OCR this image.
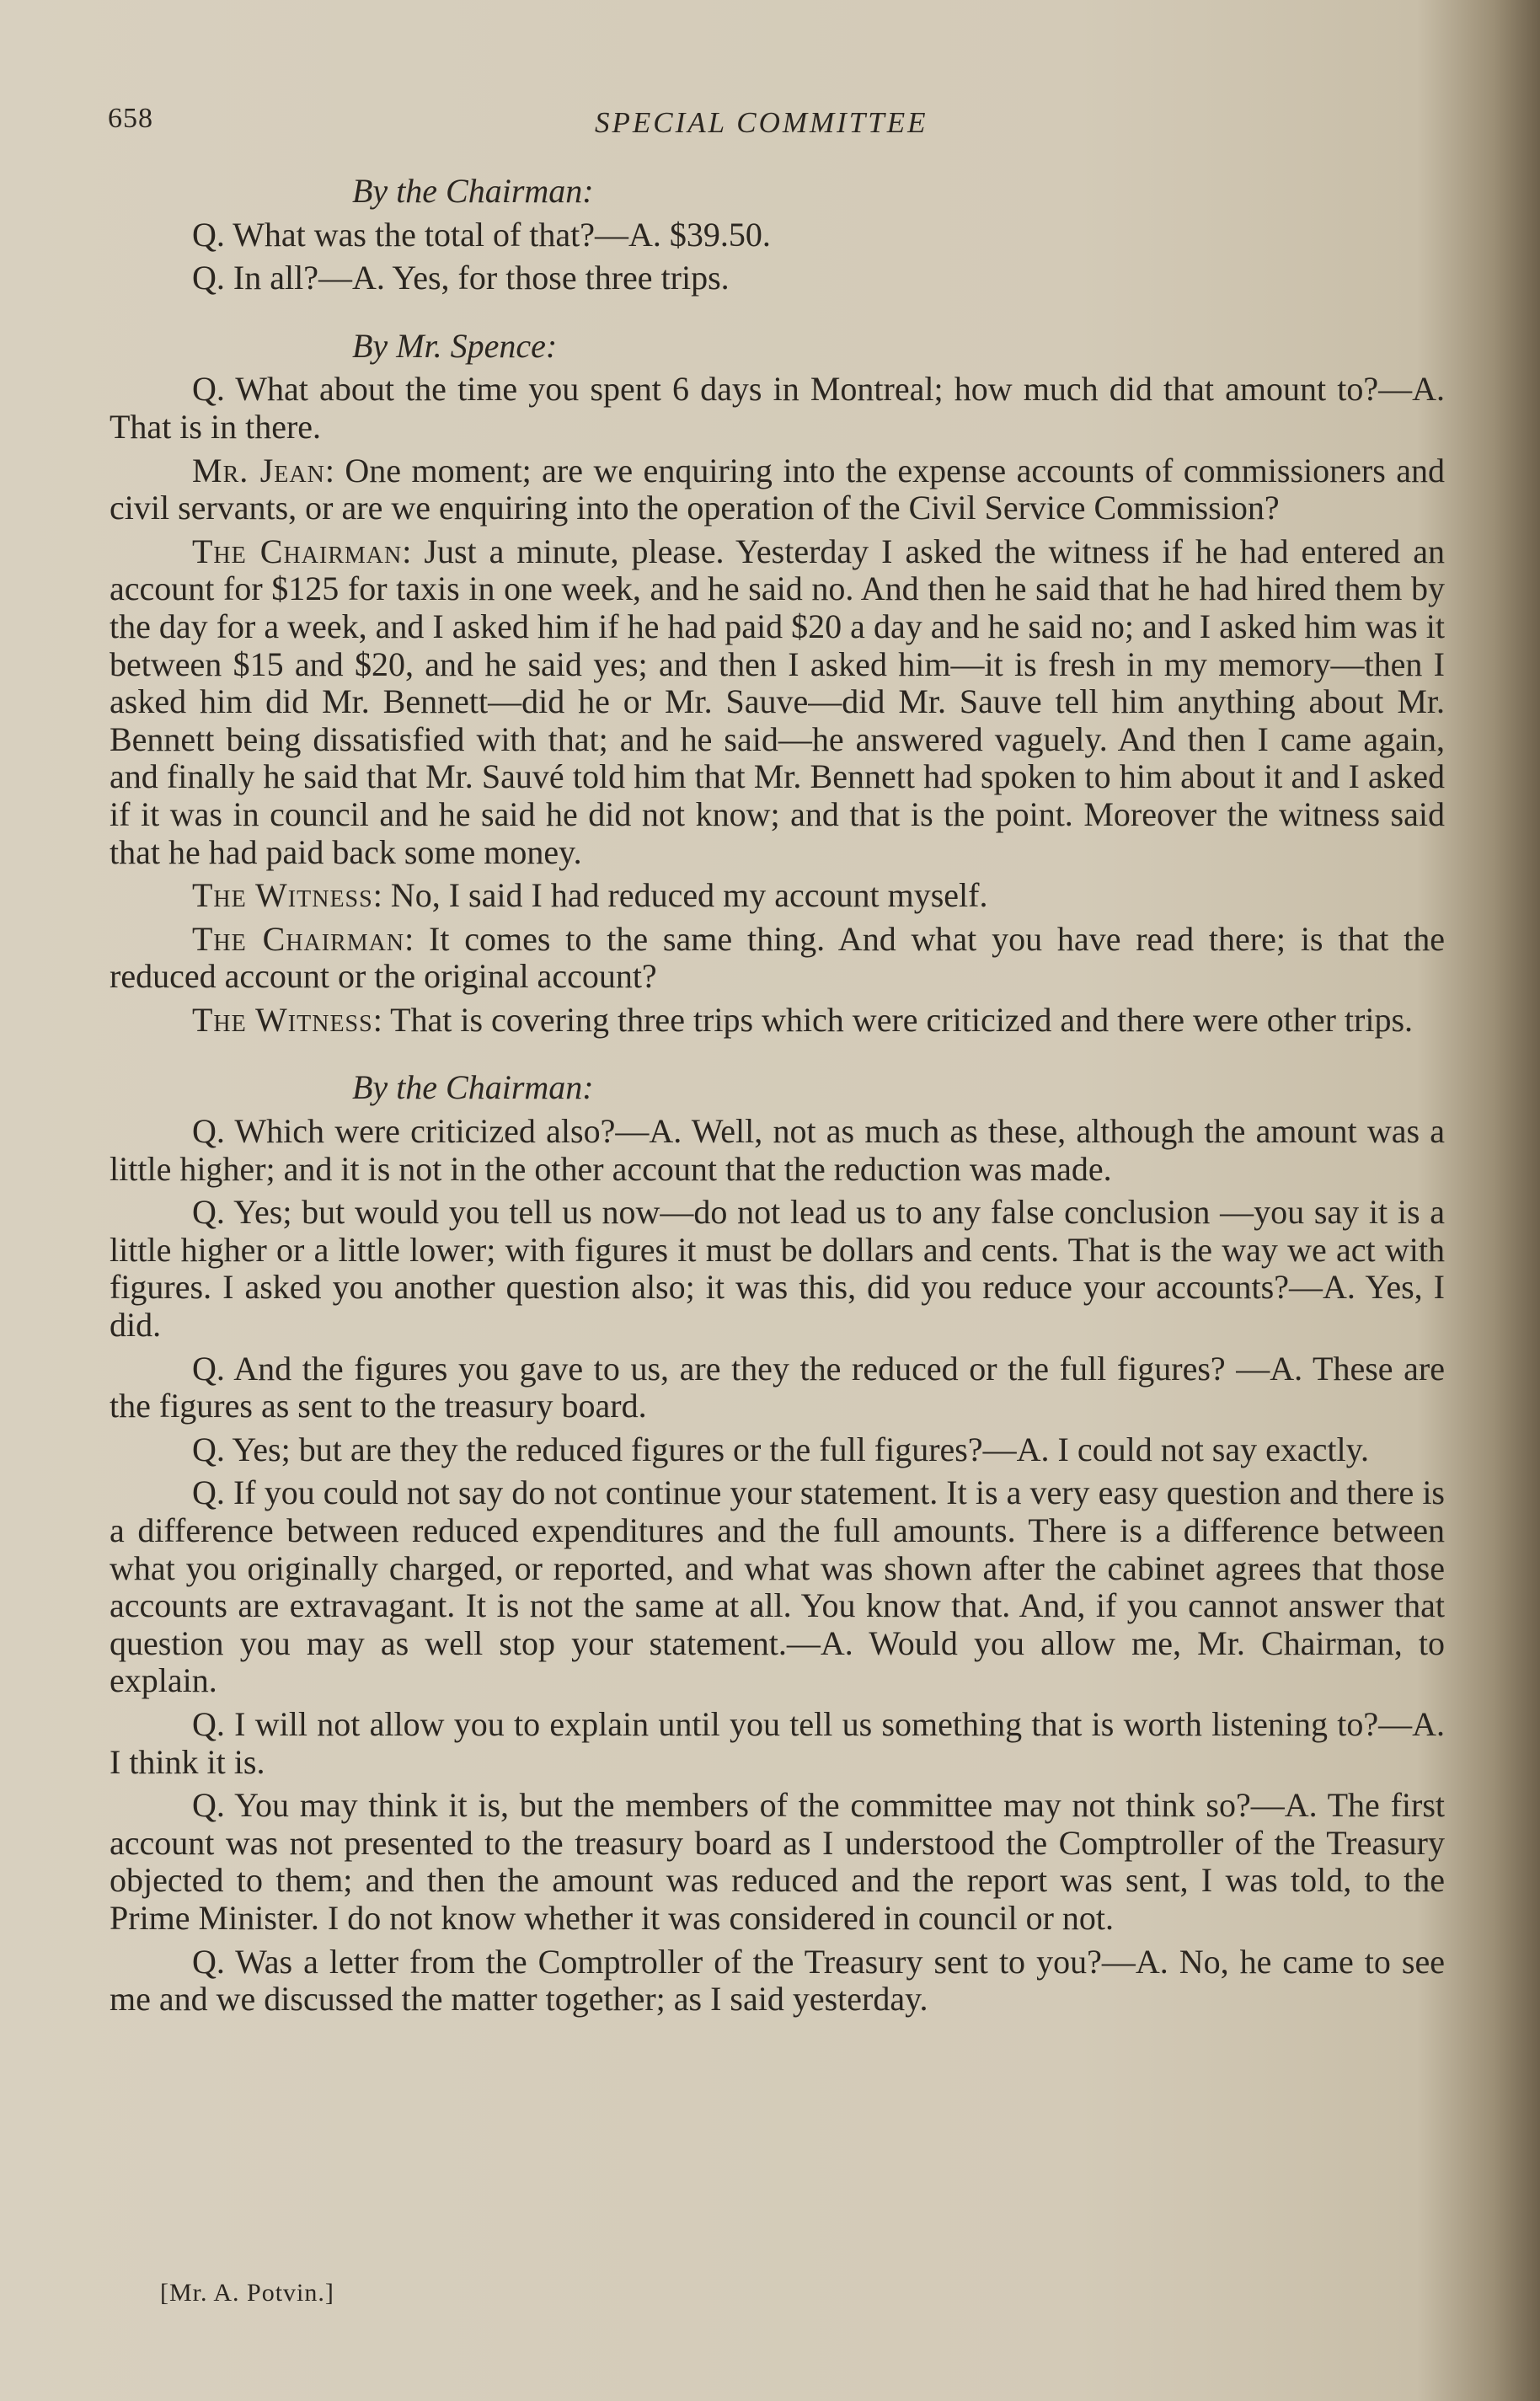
658	SPECIAL COMMITTEE

By the Chairman:

Q. What was the total of that?—A. $39.50.

Q. In all?—A. Yes, for those three trips.

By Mr. Spence:

Q. What about the time you spent 6 days in Montreal; how much did that amount to?—A. That is in there.

Mr. Jean: One moment; are we enquiring into the expense accounts of commissioners and civil servants, or are we enquiring into the operation of the Civil Service Commission?

The Chairman: Just a minute, please. Yesterday I asked the witness if he had entered an account for $125 for taxis in one week, and he said no. And then he said that he had hired them by the day for a week, and I asked him if he had paid $20 a day and he said no; and I asked him was it between $15 and $20, and he said yes; and then I asked him—it is fresh in my memory—then I asked him did Mr. Bennett—did he or Mr. Sauve—did Mr. Sauve tell him anything about Mr. Bennett being dissatisfied with that; and he said—he answered vaguely. And then I came again, and finally he said that Mr. Sauvé told him that Mr. Bennett had spoken to him about it and I asked if it was in council and he said he did not know; and that is the point. Moreover the witness said that he had paid back some money.

The Witness: No, I said I had reduced my account myself.

The Chairman: It comes to the same thing. And what you have read there; is that the reduced account or the original account?

The Witness: That is covering three trips which were criticized and there were other trips.

By the Chairman:

Q. Which were criticized also?—A. Well, not as much as these, although the amount was a little higher; and it is not in the other account that the reduction was made.

Q. Yes; but would you tell us now—do not lead us to any false conclusion —you say it is a little higher or a little lower; with figures it must be dollars and cents. That is the way we act with figures. I asked you another question also; it was this, did you reduce your accounts?—A. Yes, I did.

Q. And the figures you gave to us, are they the reduced or the full figures? —A. These are the figures as sent to the treasury board.

Q. Yes; but are they the reduced figures or the full figures?—A. I could not say exactly.

Q. If you could not say do not continue your statement. It is a very easy question and there is a difference between reduced expenditures and the full amounts. There is a difference between what you originally charged, or reported, and what was shown after the cabinet agrees that those accounts are extravagant. It is not the same at all. You know that. And, if you cannot answer that question you may as well stop your statement.—A. Would you allow me, Mr. Chairman, to explain.

Q. I will not allow you to explain until you tell us something that is worth listening to?—A. I think it is.

Q. You may think it is, but the members of the committee may not think so?—A. The first account was not presented to the treasury board as I understood the Comptroller of the Treasury objected to them; and then the amount was reduced and the report was sent, I was told, to the Prime Minister. I do not know whether it was considered in council or not.

Q. Was a letter from the Comptroller of the Treasury sent to you?—A. No, he came to see me and we discussed the matter together; as I said yesterday.

[Mr. A. Potvin.]
